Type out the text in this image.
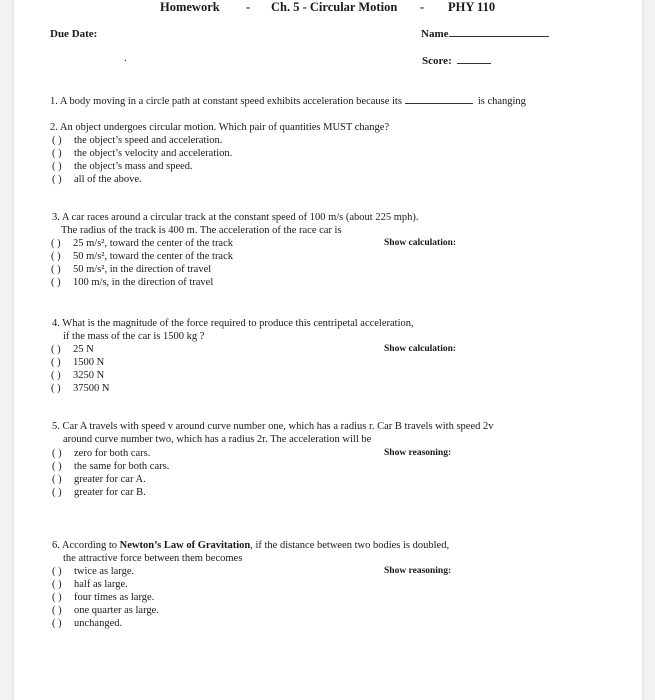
Homework - Ch. 5 - Circular Motion - PHY 110
Due Date:	Name
.	Score:
1. A body moving in a circle path at constant speed exhibits acceleration because its	is changing
2. An object undergoes circular motion. Which pair of quantities MUST change?
( ) the object’s speed and acceleration.
( ) the object’s velocity and acceleration.
( ) the object’s mass and speed.
( ) all of the above.
3. A car races around a circular track at the constant speed of 100 m/s (about 225 mph).
The radius of the track is 400 m. The acceleration of the race car is
Show calculation:
( ) 25 m/s², toward the center of the track
( ) 50 m/s², toward the center of the track
( ) 50 m/s², in the direction of travel
( ) 100 m/s, in the direction of travel
4. What is the magnitude of the force required to produce this centripetal acceleration,
if the mass of the car is 1500 kg ?
Show calculation:
( ) 25 N
( ) 1500 N
( ) 3250 N
( ) 37500 N
5. Car A travels with speed v around curve number one, which has a radius r. Car B travels with speed 2v
around curve number two, which has a radius 2r. The acceleration will be
Show reasoning:
( ) zero for both cars.
( ) the same for both cars.
( ) greater for car A.
( ) greater for car B.
6. According to Newton’s Law of Gravitation, if the distance between two bodies is doubled,
the attractive force between them becomes
Show reasoning:
( ) twice as large.
( ) half as large.
( ) four times as large.
( ) one quarter as large.
( ) unchanged.
